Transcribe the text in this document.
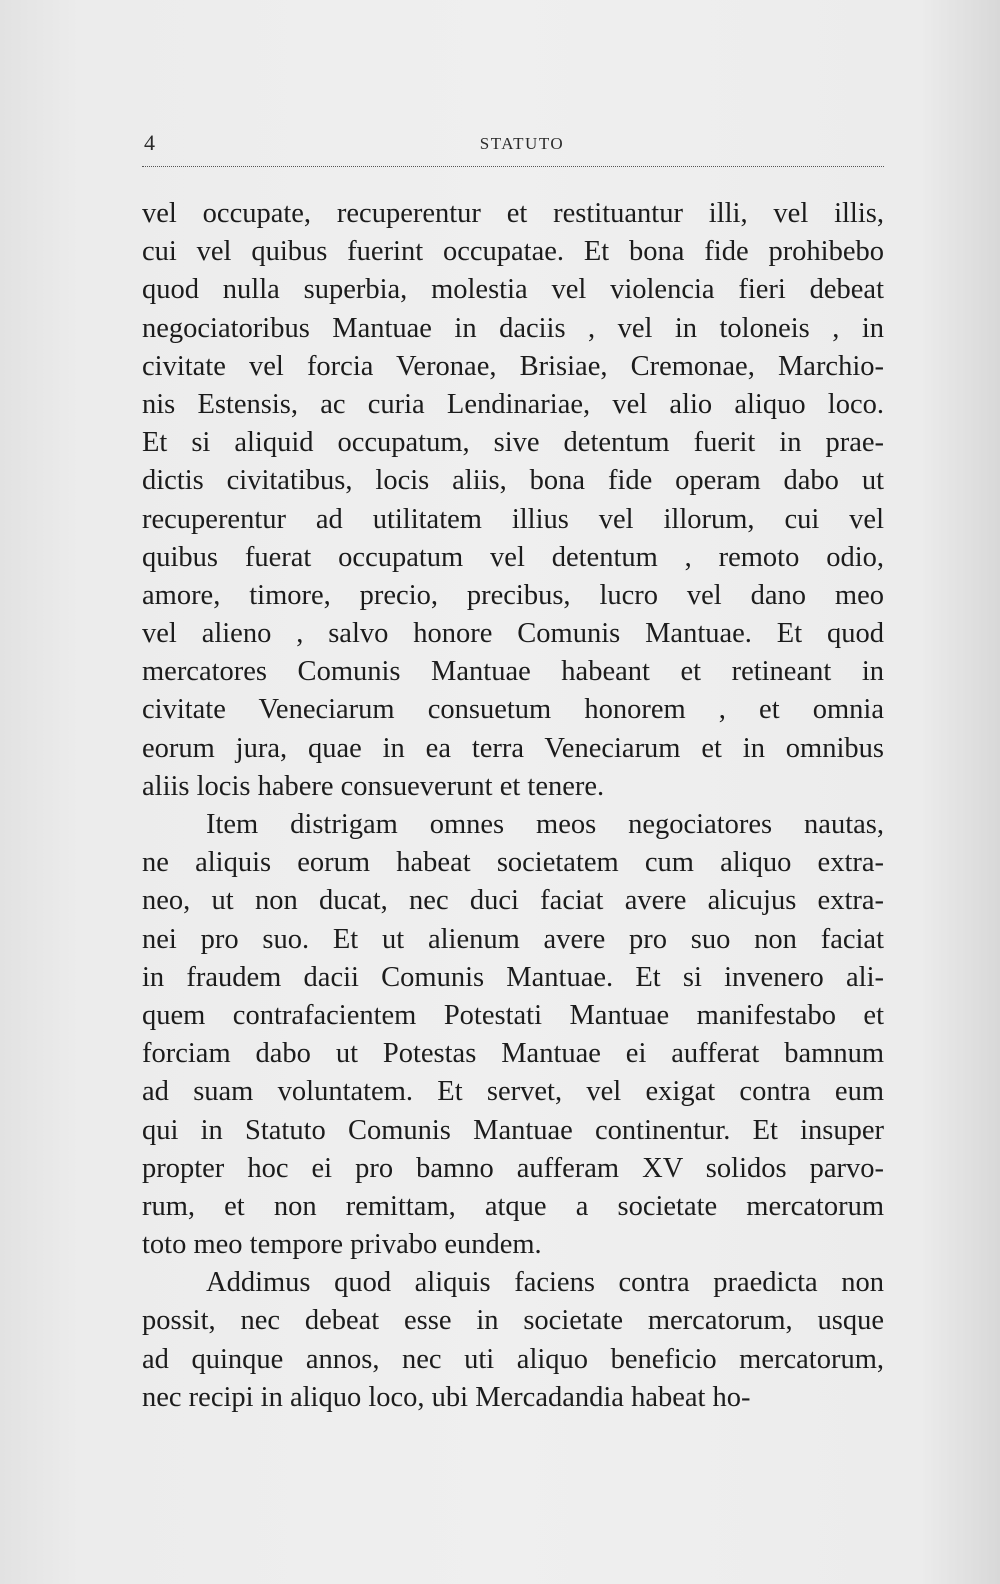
4	STATUTO
vel occupate, recuperentur et restituantur illi, vel illis,
cui vel quibus fuerint occupatae. Et bona fide prohibebo
quod nulla superbia, molestia vel violencia fieri debeat
negociatoribus Mantuae in daciis , vel in toloneis , in
civitate vel forcia Veronae, Brisiae, Cremonae, Marchio-
nis Estensis, ac curia Lendinariae, vel alio aliquo loco.
Et si aliquid occupatum, sive detentum fuerit in prae-
dictis civitatibus, locis aliis, bona fide operam dabo ut
recuperentur ad utilitatem illius vel illorum, cui vel
quibus fuerat occupatum vel detentum , remoto odio,
amore, timore, precio, precibus, lucro vel dano meo
vel alieno , salvo honore Comunis Mantuae. Et quod
mercatores Comunis Mantuae habeant et retineant in
civitate Veneciarum consuetum honorem , et omnia
eorum jura, quae in ea terra Veneciarum et in omnibus
aliis locis habere consueverunt et tenere.
Item distrigam omnes meos negociatores nautas,
ne aliquis eorum habeat societatem cum aliquo extra-
neo, ut non ducat, nec duci faciat avere alicujus extra-
nei pro suo. Et ut alienum avere pro suo non faciat
in fraudem dacii Comunis Mantuae. Et si invenero ali-
quem contrafacientem Potestati Mantuae manifestabo et
forciam dabo ut Potestas Mantuae ei aufferat bamnum
ad suam voluntatem. Et servet, vel exigat contra eum
qui in Statuto Comunis Mantuae continentur. Et insuper
propter hoc ei pro bamno aufferam XV solidos parvo-
rum, et non remittam, atque a societate mercatorum
toto meo tempore privabo eundem.
Addimus quod aliquis faciens contra praedicta non
possit, nec debeat esse in societate mercatorum, usque
ad quinque annos, nec uti aliquo beneficio mercatorum,
nec recipi in aliquo loco, ubi Mercadandia habeat ho-
